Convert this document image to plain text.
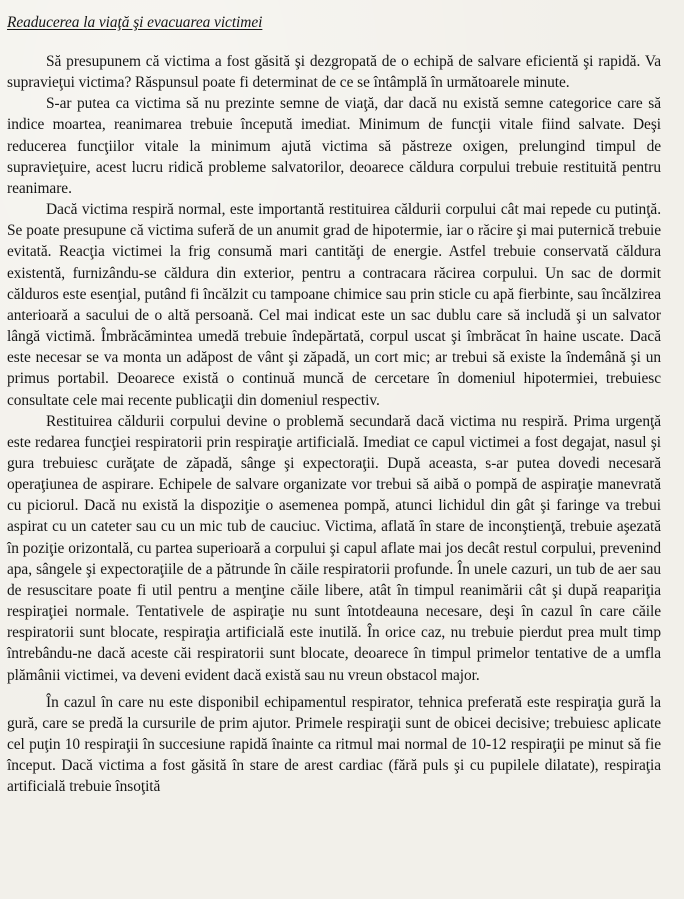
Readucerea la viaţă şi evacuarea victimei

Să presupunem că victima a fost găsită şi dezgropată de o echipă de salvare eficientă şi rapidă. Va supravieţui victima? Răspunsul poate fi determinat de ce se întâmplă în următoarele minute.

S-ar putea ca victima să nu prezinte semne de viaţă, dar dacă nu există semne categorice care să indice moartea, reanimarea trebuie începută imediat. Minimum de funcţii vitale fiind salvate. Deşi reducerea funcţiilor vitale la minimum ajută victima să păstreze oxigen, prelungind timpul de supravieţuire, acest lucru ridică probleme salvatorilor, deoarece căldura corpului trebuie restituită pentru reanimare.

Dacă victima respiră normal, este importantă restituirea căldurii corpului cât mai repede cu putinţă. Se poate presupune că victima suferă de un anumit grad de hipotermie, iar o răcire şi mai puternică trebuie evitată. Reacţia victimei la frig consumă mari cantităţi de energie. Astfel trebuie conservată căldura existentă, furnizându-se căldura din exterior, pentru a contracara răcirea corpului. Un sac de dormit călduros este esenţial, putând fi încălzit cu tampoane chimice sau prin sticle cu apă fierbinte, sau încălzirea anterioară a sacului de o altă persoană. Cel mai indicat este un sac dublu care să includă şi un salvator lângă victimă. Îmbrăcămintea umedă trebuie îndepărtată, corpul uscat şi îmbrăcat în haine uscate. Dacă este necesar se va monta un adăpost de vânt şi zăpadă, un cort mic; ar trebui să existe la îndemână şi un primus portabil. Deoarece există o continuă muncă de cercetare în domeniul hipotermiei, trebuiesc consultate cele mai recente publicaţii din domeniul respectiv.

Restituirea căldurii corpului devine o problemă secundară dacă victima nu respiră. Prima urgenţă este redarea funcţiei respiratorii prin respiraţie artificială. Imediat ce capul victimei a fost degajat, nasul şi gura trebuiesc curăţate de zăpadă, sânge şi expectoraţii. După aceasta, s-ar putea dovedi necesară operaţiunea de aspirare. Echipele de salvare organizate vor trebui să aibă o pompă de aspiraţie manevrată cu piciorul. Dacă nu există la dispoziţie o asemenea pompă, atunci lichidul din gât şi faringe va trebui aspirat cu un cateter sau cu un mic tub de cauciuc. Victima, aflată în stare de inconştienţă, trebuie aşezată în poziţie orizontală, cu partea superioară a corpului şi capul aflate mai jos decât restul corpului, prevenind apa, sângele şi expectoraţiile de a pătrunde în căile respiratorii profunde. În unele cazuri, un tub de aer sau de resuscitare poate fi util pentru a menţine căile libere, atât în timpul reanimării cât şi după reapariţia respiraţiei normale. Tentativele de aspiraţie nu sunt întotdeauna necesare, deşi în cazul în care căile respiratorii sunt blocate, respiraţia artificială este inutilă. În orice caz, nu trebuie pierdut prea mult timp întrebându-ne dacă aceste căi respiratorii sunt blocate, deoarece în timpul primelor tentative de a umfla plămânii victimei, va deveni evident dacă există sau nu vreun obstacol major.

În cazul în care nu este disponibil echipamentul respirator, tehnica preferată este respiraţia gură la gură, care se predă la cursurile de prim ajutor. Primele respiraţii sunt de obicei decisive; trebuiesc aplicate cel puţin 10 respiraţii în succesiune rapidă înainte ca ritmul mai normal de 10-12 respiraţii pe minut să fie început. Dacă victima a fost găsită în stare de arest cardiac (fără puls şi cu pupilele dilatate), respiraţia artificială trebuie însoţită
